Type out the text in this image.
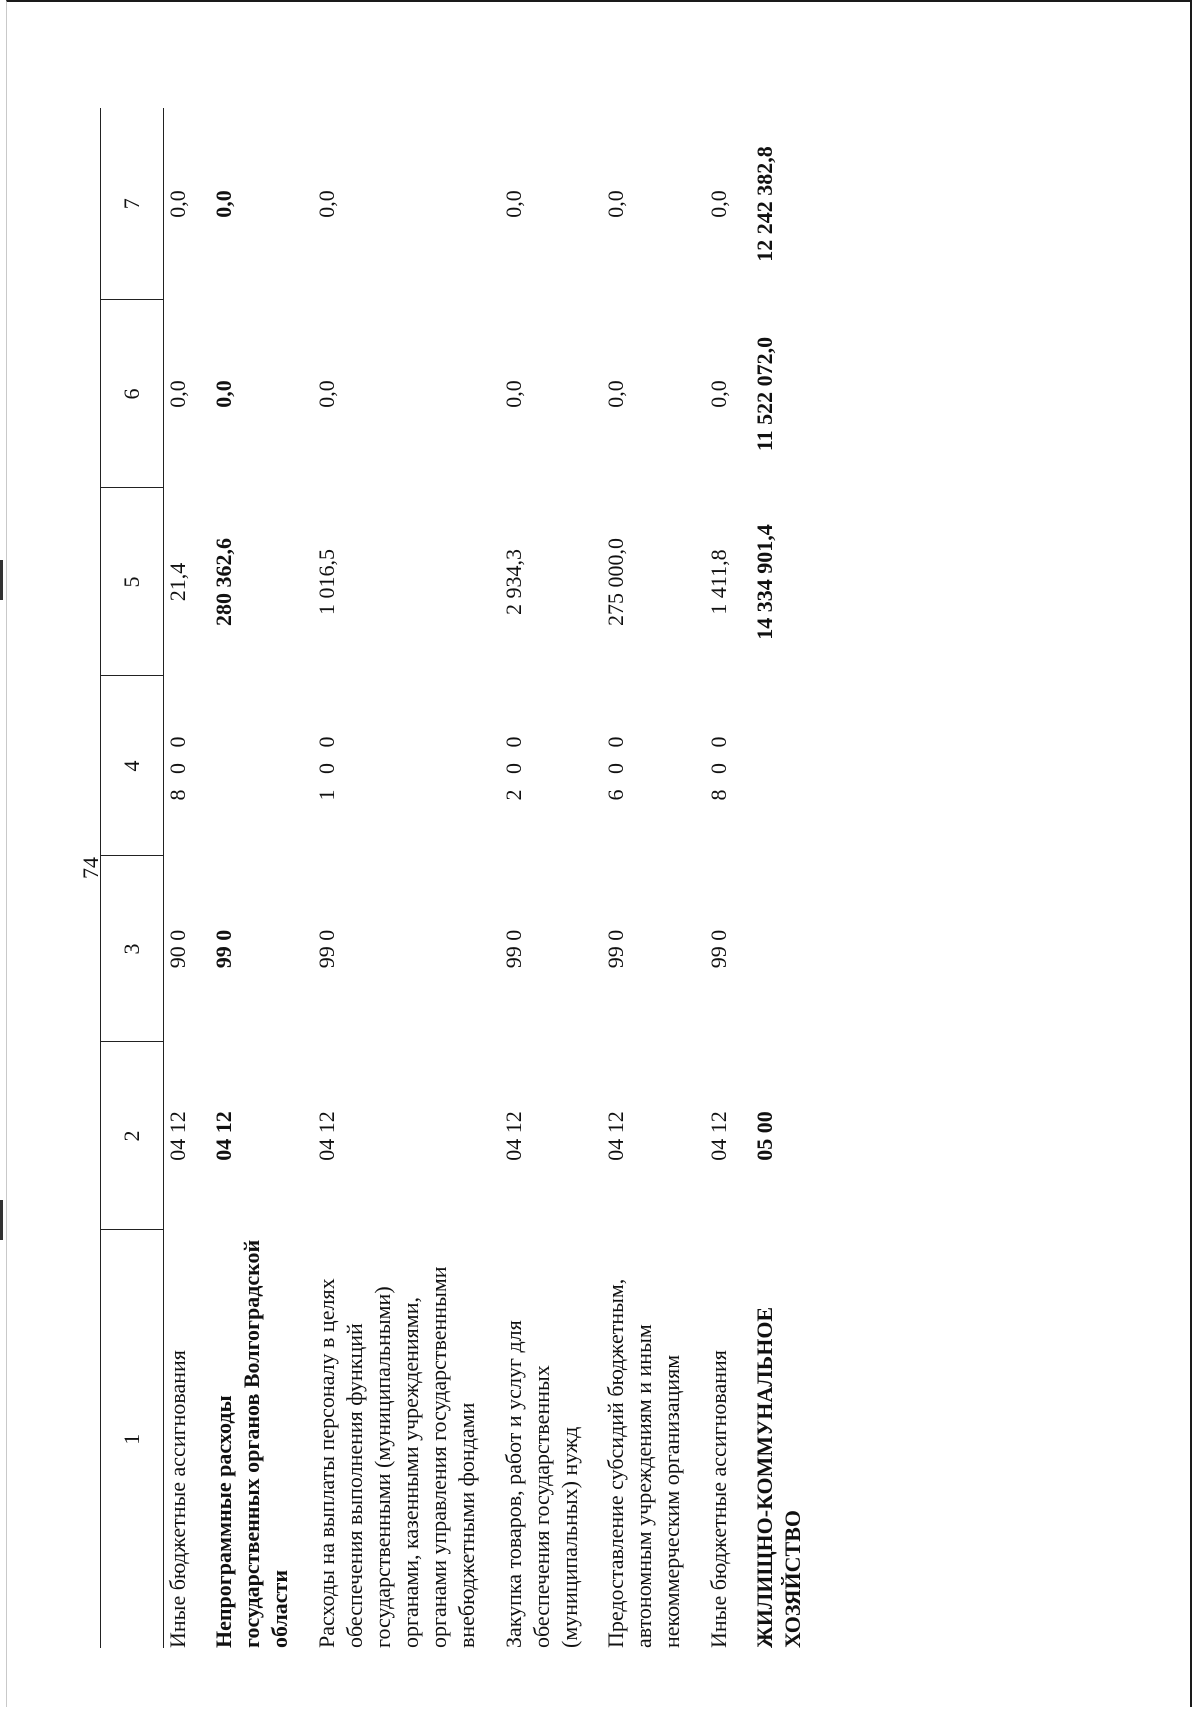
74
1	2	3	4	5	6	7
Иные бюджетные ассигнования	04 12	90 0	8 0 0	21,4	0,0	0,0

Непрограммные расходы государственных органов Волгоградской области	04 12	99 0		280 362,6	0,0	0,0

Расходы на выплаты персоналу в целях обеспечения выполнения функций государственными (муниципальными) органами, казенными учреждениями, органами управления государственными внебюджетными фондами	04 12	99 0	1 0 0	1 016,5	0,0	0,0

Закупка товаров, работ и услуг для обеспечения государственных (муниципальных) нужд	04 12	99 0	2 0 0	2 934,3	0,0	0,0

Предоставление субсидий бюджетным, автономным учреждениям и иным некоммерческим организациям	04 12	99 0	6 0 0	275 000,0	0,0	0,0

Иные бюджетные ассигнования	04 12	99 0	8 0 0	1 411,8	0,0	0,0

ЖИЛИЩНО-КОММУНАЛЬНОЕ ХОЗЯЙСТВО	05 00			14 334 901,4	11 522 072,0	12 242 382,8
